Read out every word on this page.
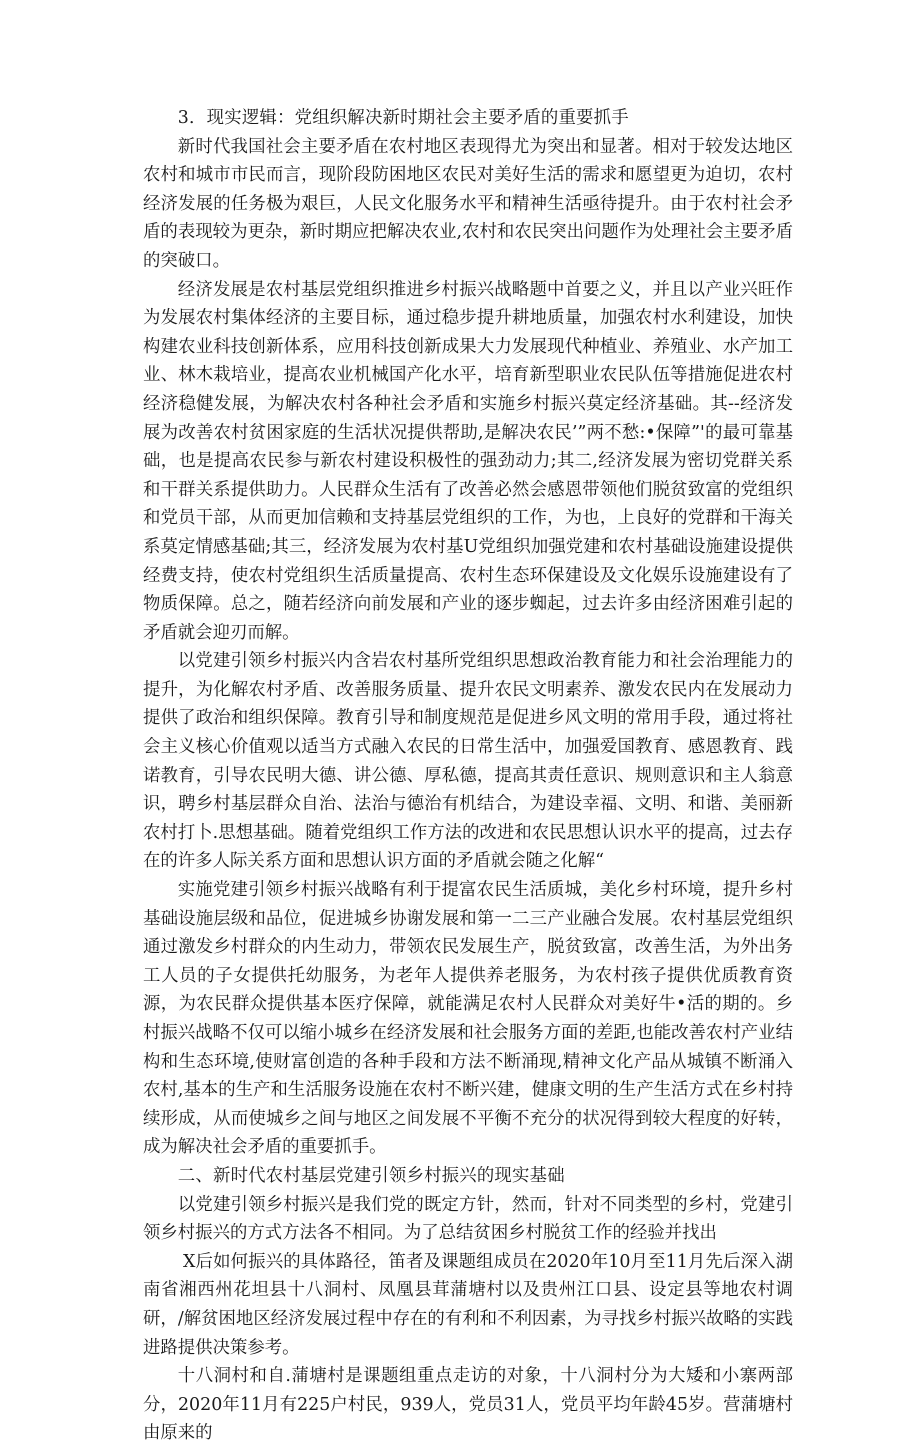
3．现实逻辑：党组织解决新时期社会主要矛盾的重要抓手

新时代我国社会主要矛盾在农村地区表现得尤为突出和显著。相对于较发达地区农村和城市市民而言，现阶段防困地区农民对美好生活的需求和愿望更为迫切，农村经济发展的任务极为艰巨，人民文化服务水平和精神生活亟待提升。由于农村社会矛盾的表现较为更杂，新时期应把解决农业,农村和农民突出问题作为处理社会主要矛盾的突破口。

经济发展是农村基层党组织推进乡村振兴战略题中首要之义，并且以产业兴旺作为发展农村集体经济的主要目标，通过稳步提升耕地质量，加强农村水利建设，加快构建农业科技创新体系，应用科技创新成果大力发展现代种植业、养殖业、水产加工业、林木栽培业，提高农业机械国产化水平，培育新型职业农民队伍等措施促进农村经济稳健发展，为解决农村各种社会矛盾和实施乡村振兴莫定经济基础。其--经济发展为改善农村贫困家庭的生活状况提供帮助,是解决农民’”两不愁:•保障”'的最可靠基础，也是提高农民参与新农村建设积极性的强劲动力;其二,经济发展为密切党群关系和干群关系提供助力。人民群众生活有了改善必然会感恩带领他们脱贫致富的党组织和党员干部，从而更加信赖和支持基层党组织的工作，为也，上良好的党群和干海关系莫定情感基础;其三，经济发展为农村基U党组织加强党建和农村基础设施建设提供经费支持，使农村党组织生活质量提高、农村生态环保建设及文化娱乐设施建设有了物质保障。总之，随若经济向前发展和产业的逐步蜘起，过去许多由经济困难引起的矛盾就会迎刃而解。

以党建引领乡村振兴内含岩农村基所党组织思想政治教育能力和社会治理能力的提升，为化解农村矛盾、改善服务质量、提升农民文明素养、激发农民内在发展动力提供了政治和组织保障。教育引导和制度规范是促进乡风文明的常用手段，通过将社会主义核心价值观以适当方式融入农民的日常生活中，加强爱国教育、感恩教育、践诺教育，引导农民明大德、讲公德、厚私德，提高其责任意识、规则意识和主人翁意识，聘乡村基层群众自治、法治与德治有机结合，为建设幸福、文明、和谐、美丽新农村打卜.思想基础。随着党组织工作方法的改进和农民思想认识水平的提高，过去存在的许多人际关系方面和思想认识方面的矛盾就会随之化解“

实施党建引领乡村振兴战略有利于提富农民生活质城，美化乡村环境，提升乡村基础设施层级和品位，促进城乡协谢发展和第一二三产业融合发展。农村基层党组织通过激发乡村群众的内生动力，带领农民发展生产，脱贫致富，改善生活，为外出务工人员的子女提供托幼服务，为老年人提供养老服务，为农村孩子提供优质教育资源，为农民群众提供基本医疗保障，就能满足农村人民群众对美好牛•活的期的。乡村振兴战略不仅可以缩小城乡在经济发展和社会服务方面的差距,也能改善农村产业结构和生态环境,使财富创造的各种手段和方法不断涌现,精神文化产品从城镇不断涌入农村,基本的生产和生活服务设施在农村不断兴建，健康文明的生产生活方式在乡村持续形成，从而使城乡之间与地区之间发展不平衡不充分的状况得到较大程度的好转，成为解决社会矛盾的重要抓手。

二、新时代农村基层党建引领乡村振兴的现实基础

以党建引领乡村振兴是我们党的既定方针，然而，针对不同类型的乡村，党建引领乡村振兴的方式方法各不相同。为了总结贫困乡村脱贫工作的经验并找出

X后如何振兴的具体路径，笛者及课题组成员在2020年10月至11月先后深入湖南省湘西州花坦县十八洞村、凤凰县茸蒲塘村以及贵州江口县、设定县等地农村调研，/解贫困地区经济发展过程中存在的有利和不利因素，为寻找乡村振兴故略的实践进路提供决策参考。

十八洞村和自.蒲塘村是课题组重点走访的对象，十八洞村分为大矮和小寨两部分，2020年11月有225户村民，939人，党员31人，党员平均年龄45岁。营蒲塘村由原来的
